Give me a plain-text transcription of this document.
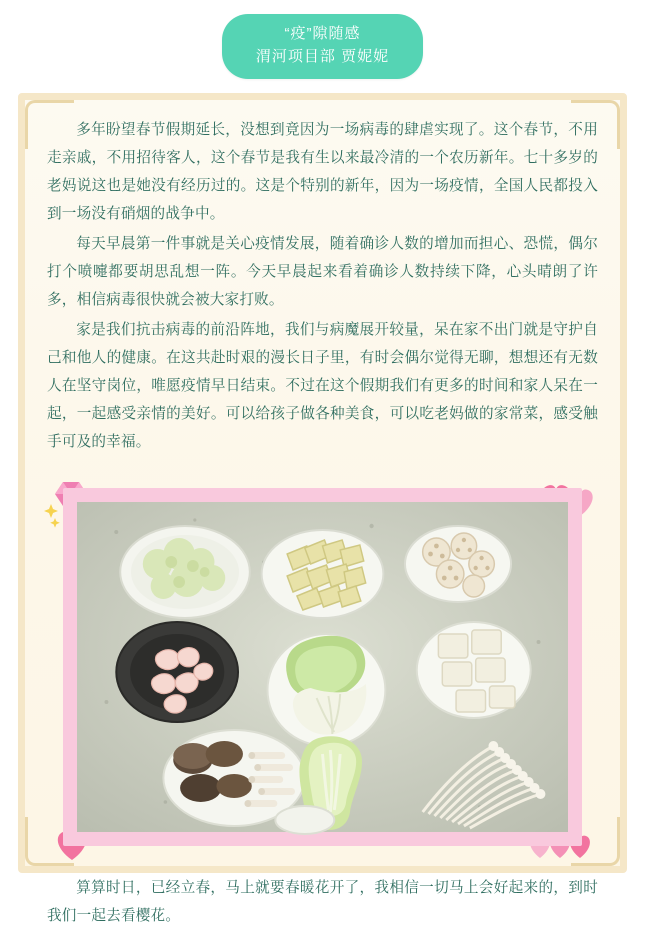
“疫”隙随感
渭河项目部 贾妮妮

多年盼望春节假期延长，没想到竟因为一场病毒的肆虐实现了。这个春节，不用走亲戚，不用招待客人，这个春节是我有生以来最冷清的一个农历新年。七十多岁的老妈说这也是她没有经历过的。这是个特别的新年，因为一场疫情，全国人民都投入到一场没有硝烟的战争中。

每天早晨第一件事就是关心疫情发展，随着确诊人数的增加而担心、恐慌，偶尔打个喷嚏都要胡思乱想一阵。今天早晨起来看着确诊人数持续下降，心头晴朗了许多，相信病毒很快就会被大家打败。

家是我们抗击病毒的前沿阵地，我们与病魔展开较量，呆在家不出门就是守护自己和他人的健康。在这共赴时艰的漫长日子里，有时会偶尔觉得无聊，想想还有无数人在坚守岗位，唯愿疫情早日结束。不过在这个假期我们有更多的时间和家人呆在一起，一起感受亲情的美好。可以给孩子做各种美食，可以吃老妈做的家常菜，感受触手可及的幸福。

算算时日，已经立春，马上就要春暖花开了，我相信一切马上会好起来的，到时我们一起去看樱花。
